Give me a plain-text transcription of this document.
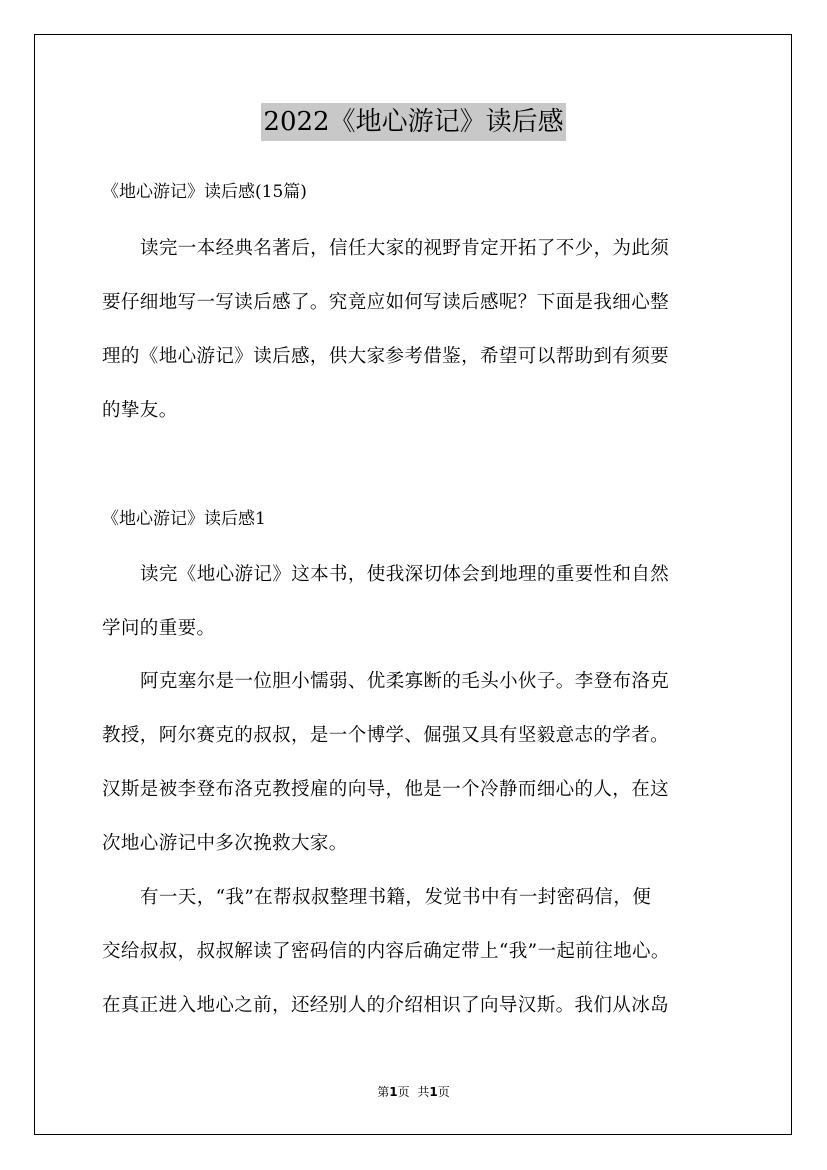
2022《地心游记》读后感
《地心游记》读后感(15篇)
读完一本经典名著后，信任大家的视野肯定开拓了不少，为此须
要仔细地写一写读后感了。究竟应如何写读后感呢？下面是我细心整
理的《地心游记》读后感，供大家参考借鉴，希望可以帮助到有须要
的挚友。
《地心游记》读后感1
读完《地心游记》这本书，使我深切体会到地理的重要性和自然
学问的重要。
阿克塞尔是一位胆小懦弱、优柔寡断的毛头小伙子。李登布洛克
教授，阿尔赛克的叔叔，是一个博学、倔强又具有坚毅意志的学者。
汉斯是被李登布洛克教授雇的向导，他是一个冷静而细心的人，在这
次地心游记中多次挽救大家。
有一天，“我”在帮叔叔整理书籍，发觉书中有一封密码信，便
交给叔叔，叔叔解读了密码信的内容后确定带上“我”一起前往地心。
在真正进入地心之前，还经别人的介绍相识了向导汉斯。我们从冰岛
第1页 共1页
